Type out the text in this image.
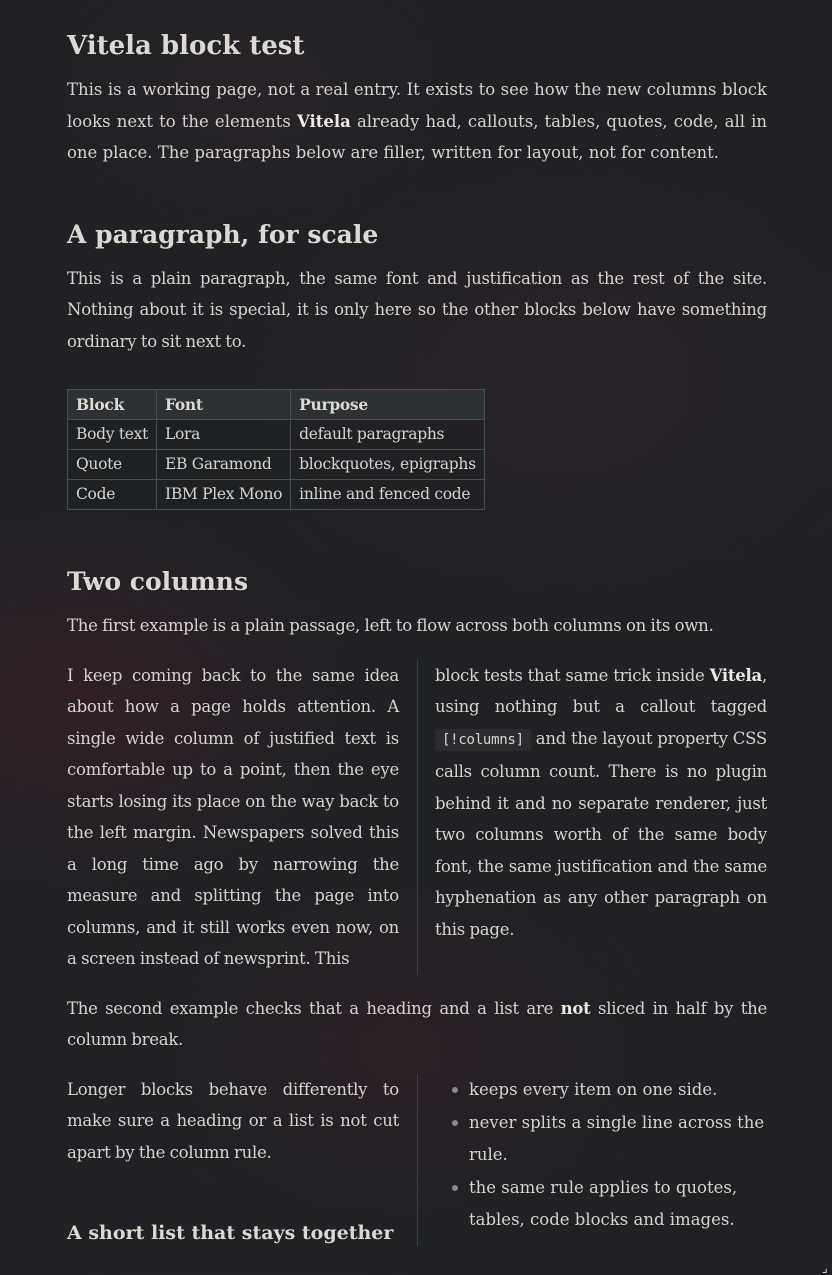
Vitela block test

This is a working page, not a real entry. It exists to see how the new columns block looks next to the elements Vitela already had, callouts, tables, quotes, code, all in one place. The paragraphs below are filler, written for layout, not for content.

A paragraph, for scale

This is a plain paragraph, the same font and justification as the rest of the site. Nothing about it is special, it is only here so the other blocks below have something ordinary to sit next to.

Block	Font	Purpose
Body text	Lora	default paragraphs
Quote	EB Garamond	blockquotes, epigraphs
Code	IBM Plex Mono	inline and fenced code
Two columns

The first example is a plain passage, left to flow across both columns on its own.

I keep coming back to the same idea about how a page holds attention. A single wide column of justified text is comfortable up to a point, then the eye starts losing its place on the way back to the left margin. Newspapers solved this a long time ago by narrowing the measure and splitting the page into columns, and it still works even now, on a screen instead of newsprint. This

block tests that same trick inside Vitela, using nothing but a callout tagged [!columns] and the layout property CSS calls column count. There is no plugin behind it and no separate renderer, just two columns worth of the same body font, the same justification and the same hyphenation as any other paragraph on this page.

The second example checks that a heading and a list are not sliced in half by the column break.

Longer blocks behave differently to make sure a heading or a list is not cut apart by the column rule.

A short list that stays together
keeps every item on one side.
never splits a single line across the rule.
the same rule applies to quotes, tables, code blocks and images.
⌟
